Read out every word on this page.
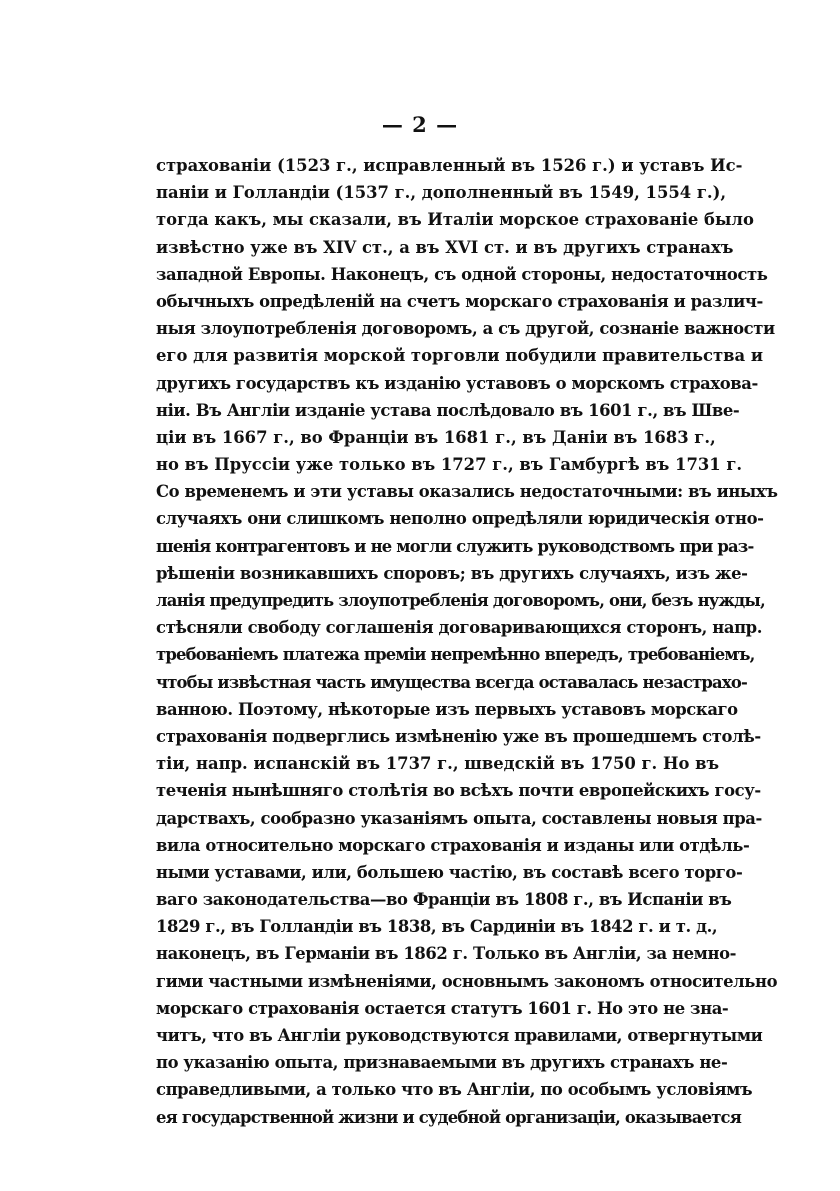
— 2 —
страхованіи (1523 г., исправленный въ 1526 г.) и уставъ Ис-
паніи и Голландіи (1537 г., дополненный въ 1549, 1554 г.),
тогда какъ, мы сказали, въ Италіи морское страхованіе было
извѣстно уже въ XIV ст., а въ XVI ст. и въ другихъ странахъ
западной Европы. Наконецъ, съ одной стороны, недостаточность
обычныхъ опредѣленій на счетъ морскаго страхованія и различ-
ныя злоупотребленія договоромъ, а съ другой, сознаніе важности
его для развитія морской торговли побудили правительства и
другихъ государствъ къ изданію уставовъ о морскомъ страхова-
ніи. Въ Англіи изданіе устава послѣдовало въ 1601 г., въ Шве-
ціи въ 1667 г., во Франціи въ 1681 г., въ Даніи въ 1683 г.,
но въ Пруссіи уже только въ 1727 г., въ Гамбургѣ въ 1731 г.
Со временемъ и эти уставы оказались недостаточными: въ иныхъ
случаяхъ они слишкомъ неполно опредѣляли юридическія отно-
шенія контрагентовъ и не могли служить руководствомъ при раз-
рѣшеніи возникавшихъ споровъ; въ другихъ случаяхъ, изъ же-
ланія предупредить злоупотребленія договоромъ, они, безъ нужды,
стѣсняли свободу соглашенія договаривающихся сторонъ, напр.
требованіемъ платежа преміи непремѣнно впередъ, требованіемъ,
чтобы извѣстная часть имущества всегда оставалась незастрахо-
ванною. Поэтому, нѣкоторые изъ первыхъ уставовъ морскаго
страхованія подверглись измѣненію уже въ прошедшемъ столѣ-
тіи, напр. испанскій въ 1737 г., шведскій въ 1750 г. Но въ
теченія нынѣшняго столѣтія во всѣхъ почти европейскихъ госу-
дарствахъ, сообразно указаніямъ опыта, составлены новыя пра-
вила относительно морскаго страхованія и изданы или отдѣль-
ными уставами, или, большею частію, въ составѣ всего торго-
ваго законодательства—во Франціи въ 1808 г., въ Испаніи въ
1829 г., въ Голландіи въ 1838, въ Сардиніи въ 1842 г. и т. д.,
наконецъ, въ Германіи въ 1862 г. Только въ Англіи, за немно-
гими частными измѣненіями, основнымъ закономъ относительно
морскаго страхованія остается статутъ 1601 г. Но это не зна-
читъ, что въ Англіи руководствуются правилами, отвергнутыми
по указанію опыта, признаваемыми въ другихъ странахъ не-
справедливыми, а только что въ Англіи, по особымъ условіямъ
ея государственной жизни и судебной организаціи, оказывается
